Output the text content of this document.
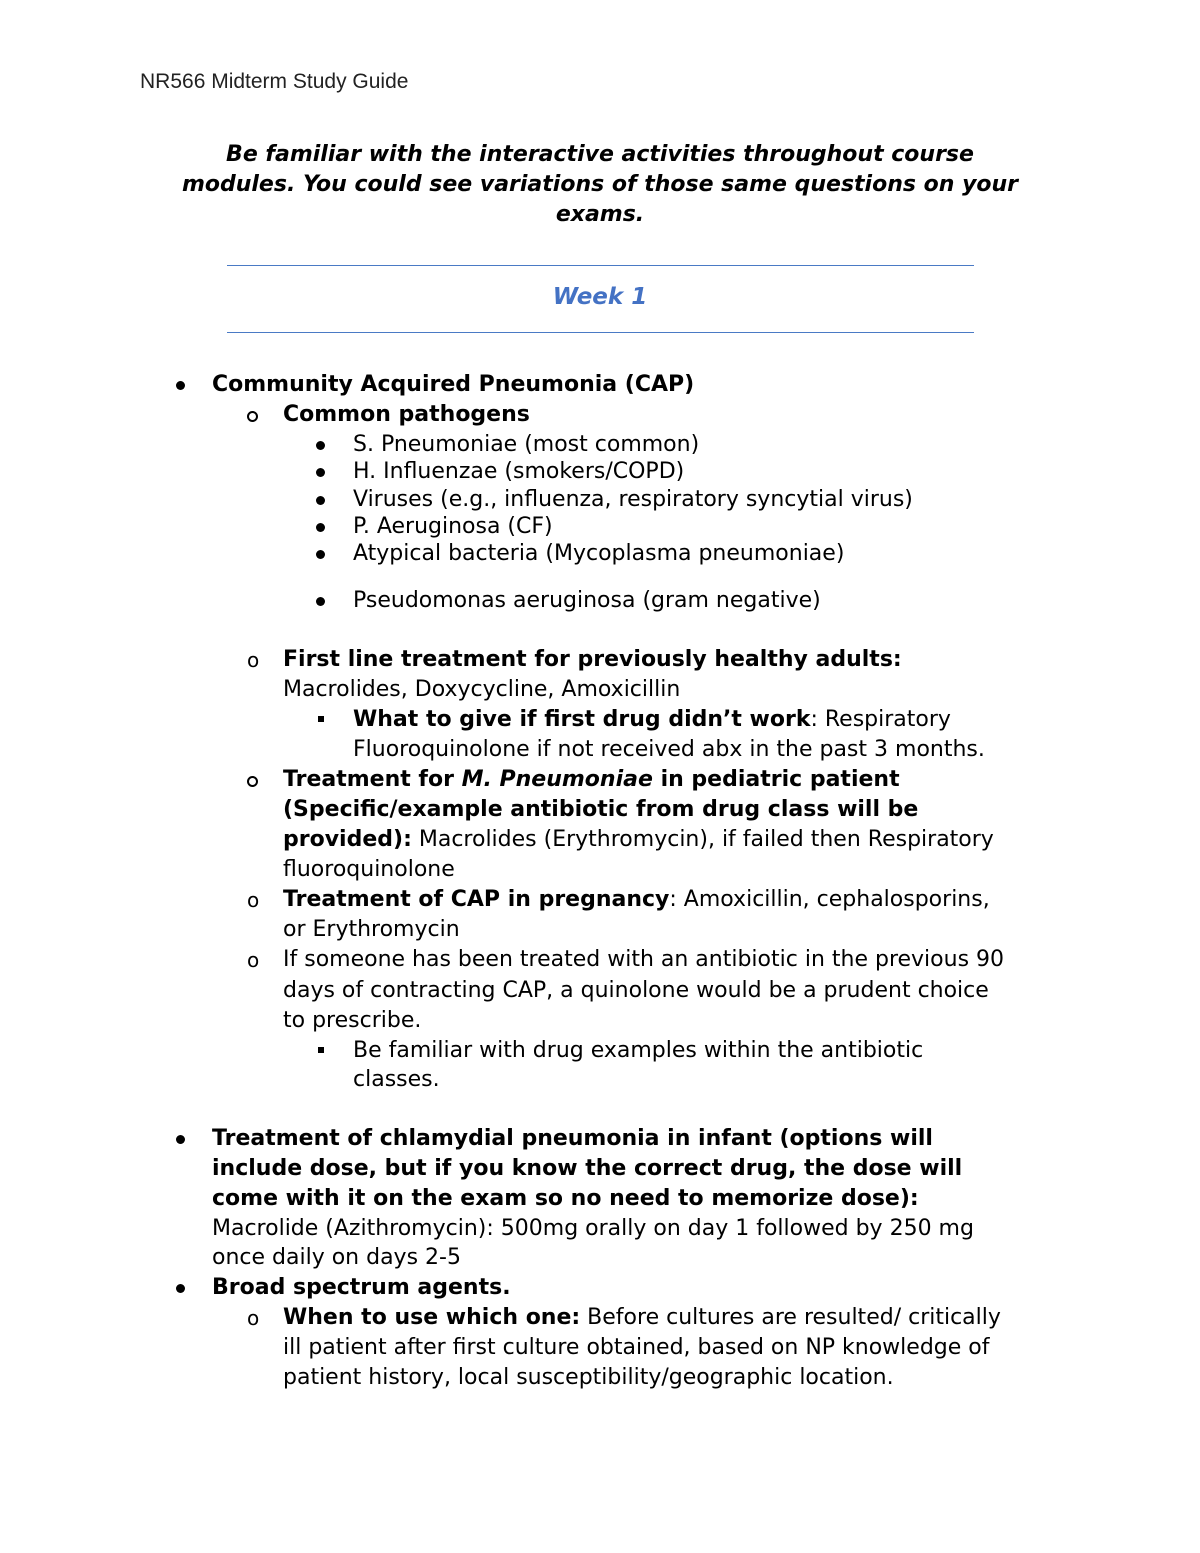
NR566 Midterm Study Guide
Be familiar with the interactive activities throughout course
modules. You could see variations of those same questions on your
exams.
Week 1
Community Acquired Pneumonia (CAP)
Common pathogens
S. Pneumoniae (most common)
H. Influenzae (smokers/COPD)
Viruses (e.g., influenza, respiratory syncytial virus)
P. Aeruginosa (CF)
Atypical bacteria (Mycoplasma pneumoniae)
Pseudomonas aeruginosa (gram negative)
o First line treatment for previously healthy adults:
Macrolides, Doxycycline, Amoxicillin
What to give if first drug didn’t work: Respiratory
Fluoroquinolone if not received abx in the past 3 months.
Treatment for M. Pneumoniae in pediatric patient
(Specific/example antibiotic from drug class will be
provided): Macrolides (Erythromycin), if failed then Respiratory
fluoroquinolone
o Treatment of CAP in pregnancy: Amoxicillin, cephalosporins,
or Erythromycin
o If someone has been treated with an antibiotic in the previous 90
days of contracting CAP, a quinolone would be a prudent choice
to prescribe.
Be familiar with drug examples within the antibiotic
classes.
Treatment of chlamydial pneumonia in infant (options will
include dose, but if you know the correct drug, the dose will
come with it on the exam so no need to memorize dose):
Macrolide (Azithromycin): 500mg orally on day 1 followed by 250 mg
once daily on days 2-5
Broad spectrum agents.
o When to use which one: Before cultures are resulted/ critically
ill patient after first culture obtained, based on NP knowledge of
patient history, local susceptibility/geographic location.
